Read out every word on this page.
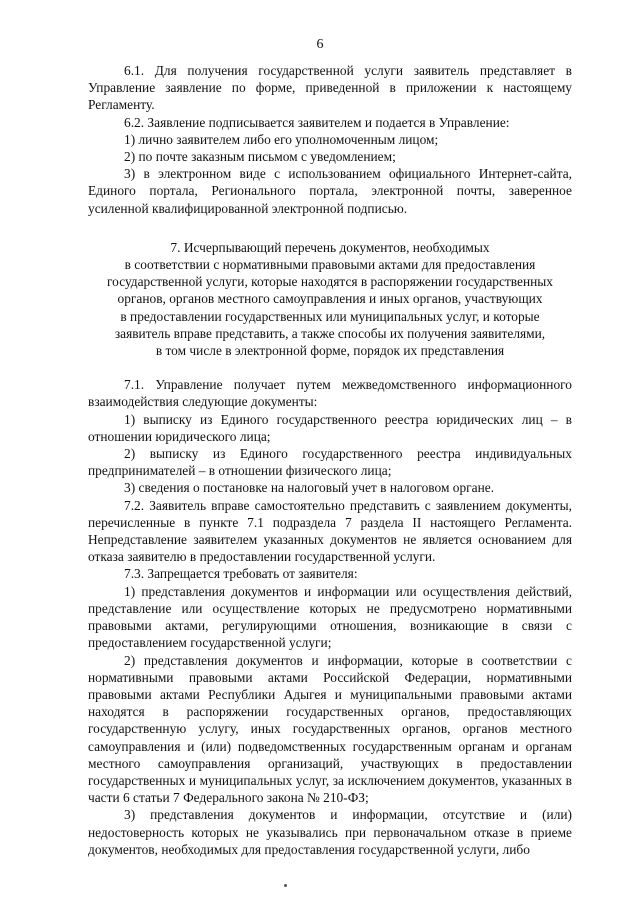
6

6.1. Для получения государственной услуги заявитель представляет в Управление заявление по форме, приведенной в приложении к настоящему Регламенту.

6.2. Заявление подписывается заявителем и подается в Управление:

1) лично заявителем либо его уполномоченным лицом;

2) по почте заказным письмом с уведомлением;

3) в электронном виде с использованием официального Интернет-сайта, Единого портала, Регионального портала, электронной почты, заверенное усиленной квалифицированной электронной подписью.

7. Исчерпывающий перечень документов, необходимых
в соответствии с нормативными правовыми актами для предоставления
государственной услуги, которые находятся в распоряжении государственных
органов, органов местного самоуправления и иных органов, участвующих
в предоставлении государственных или муниципальных услуг, и которые
заявитель вправе представить, а также способы их получения заявителями,
в том числе в электронной форме, порядок их представления

7.1. Управление получает путем межведомственного информационного взаимодействия следующие документы:

1) выписку из Единого государственного реестра юридических лиц – в отношении юридического лица;

2) выписку из Единого государственного реестра индивидуальных предпринимателей – в отношении физического лица;

3) сведения о постановке на налоговый учет в налоговом органе.

7.2. Заявитель вправе самостоятельно представить с заявлением документы, перечисленные в пункте 7.1 подраздела 7 раздела II настоящего Регламента. Непредставление заявителем указанных документов не является основанием для отказа заявителю в предоставлении государственной услуги.

7.3. Запрещается требовать от заявителя:

1) представления документов и информации или осуществления действий, представление или осуществление которых не предусмотрено нормативными правовыми актами, регулирующими отношения, возникающие в связи с предоставлением государственной услуги;

2) представления документов и информации, которые в соответствии с нормативными правовыми актами Российской Федерации, нормативными правовыми актами Республики Адыгея и муниципальными правовыми актами находятся в распоряжении государственных органов, предоставляющих государственную услугу, иных государственных органов, органов местного самоуправления и (или) подведомственных государственным органам и органам местного самоуправления организаций, участвующих в предоставлении государственных и муниципальных услуг, за исключением документов, указанных в части 6 статьи 7 Федерального закона № 210-ФЗ;

3) представления документов и информации, отсутствие и (или) недостоверность которых не указывались при первоначальном отказе в приеме документов, необходимых для предоставления государственной услуги, либо
